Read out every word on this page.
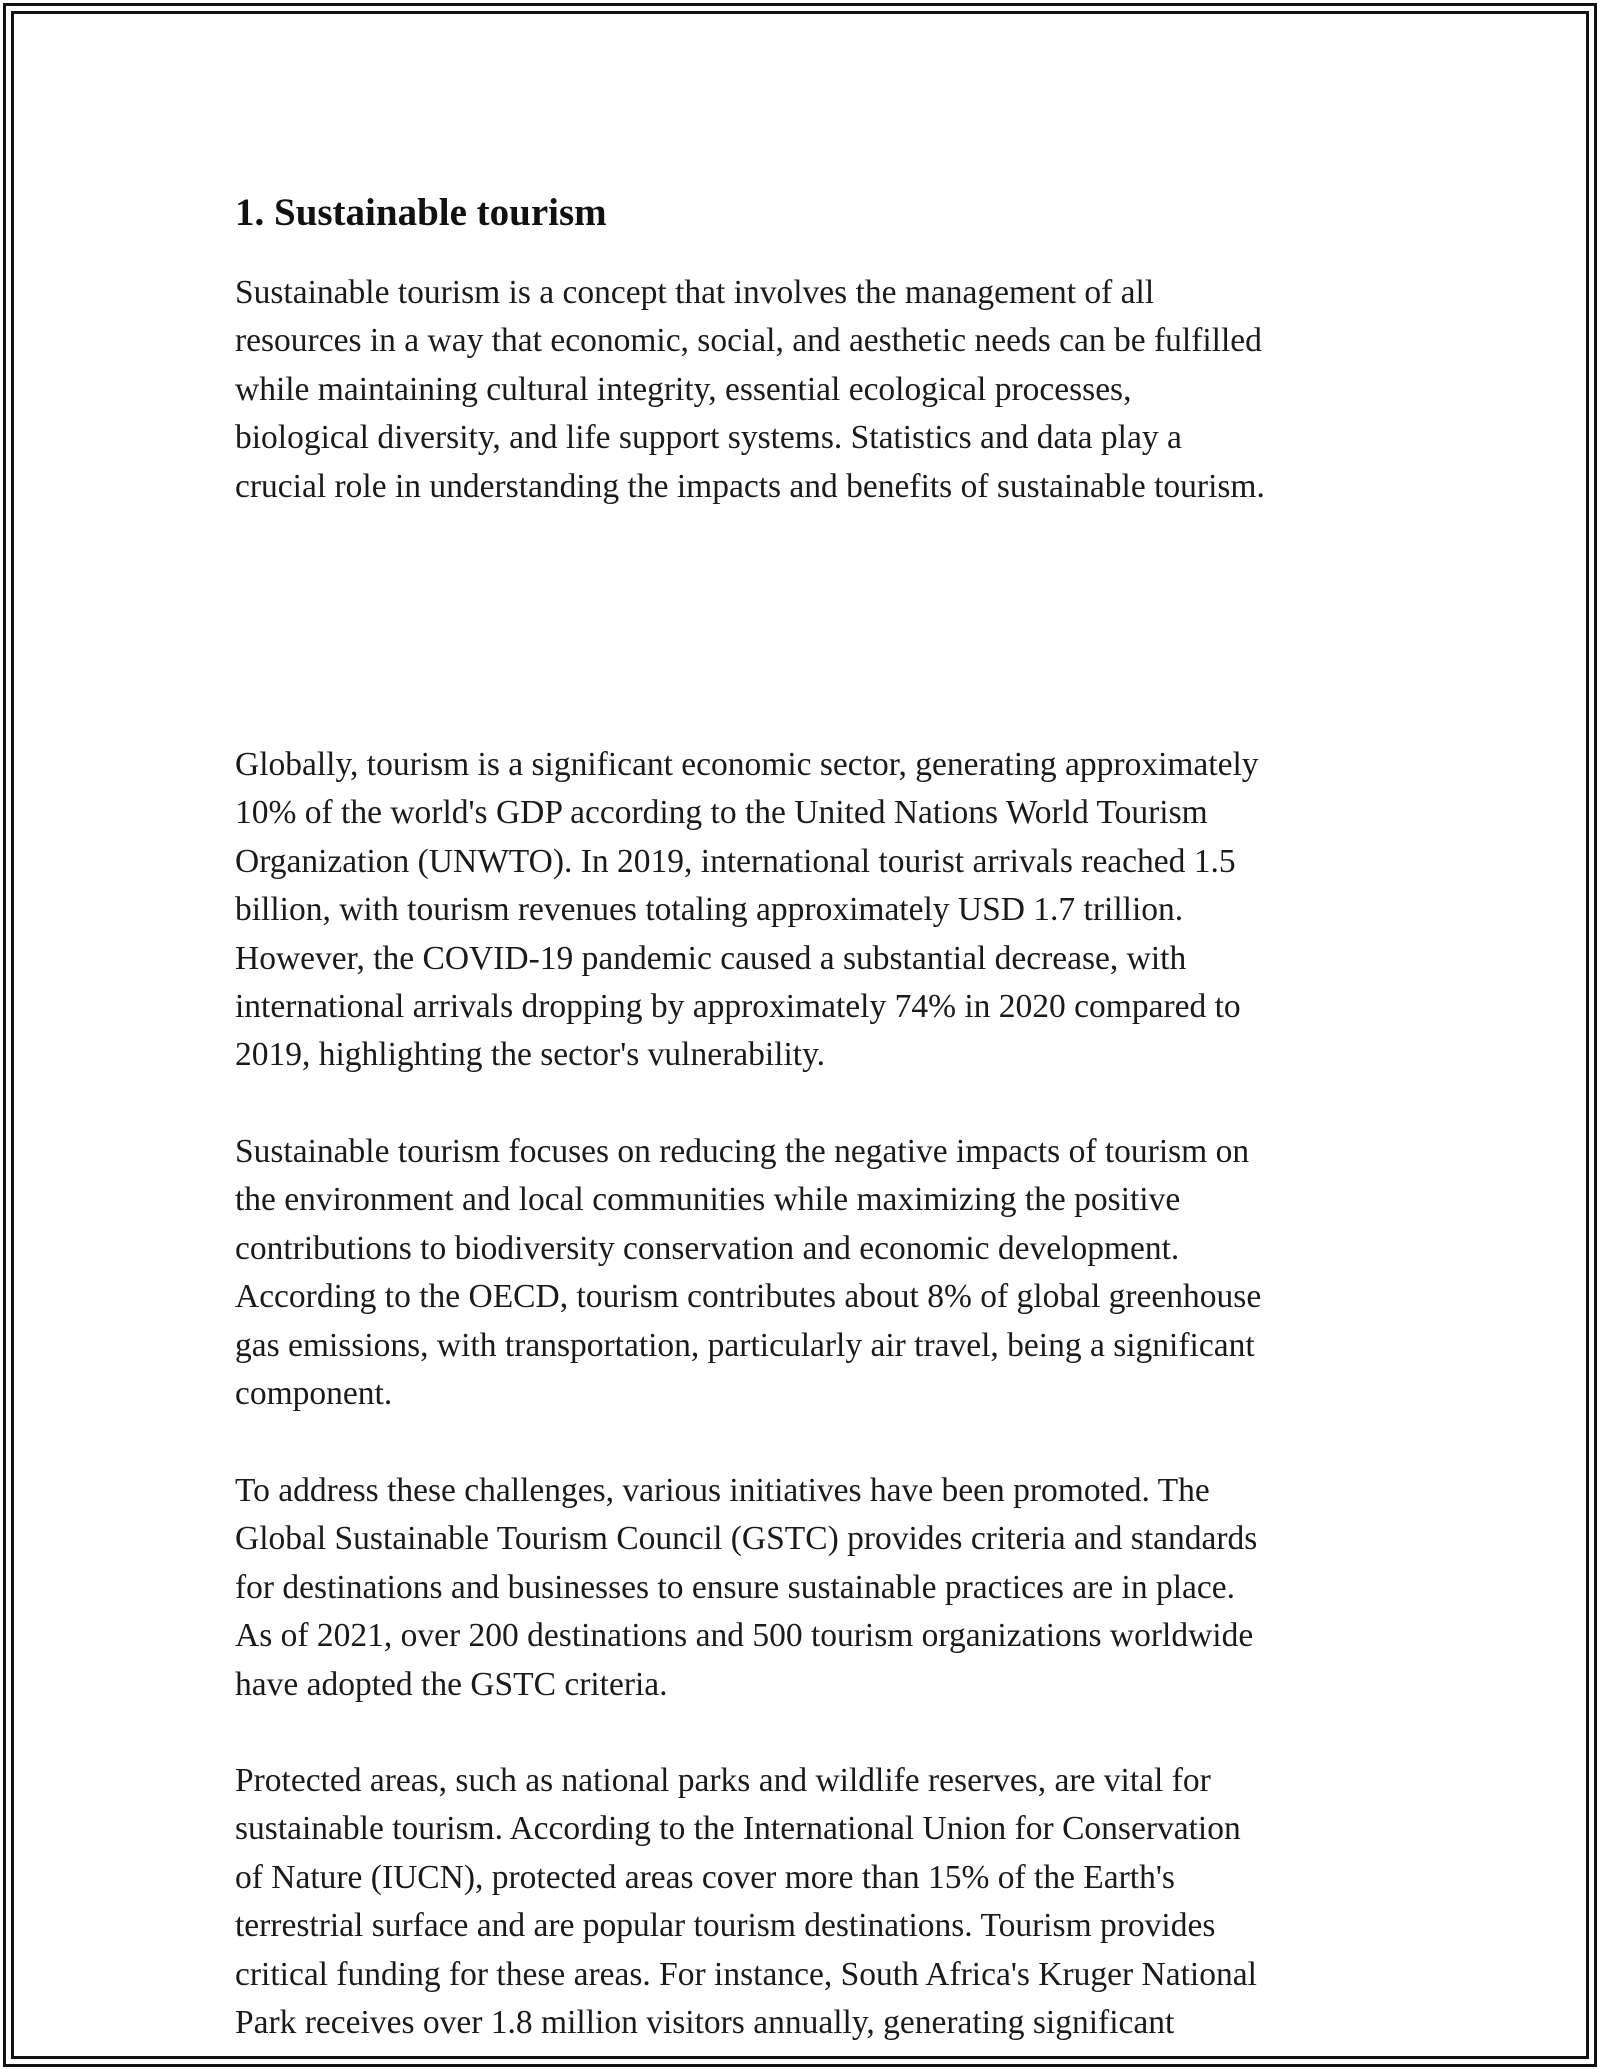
1. Sustainable tourism

Sustainable tourism is a concept that involves the management of all
resources in a way that economic, social, and aesthetic needs can be fulfilled
while maintaining cultural integrity, essential ecological processes,
biological diversity, and life support systems. Statistics and data play a
crucial role in understanding the impacts and benefits of sustainable tourism.

Globally, tourism is a significant economic sector, generating approximately
10% of the world's GDP according to the United Nations World Tourism
Organization (UNWTO). In 2019, international tourist arrivals reached 1.5
billion, with tourism revenues totaling approximately USD 1.7 trillion.
However, the COVID-19 pandemic caused a substantial decrease, with
international arrivals dropping by approximately 74% in 2020 compared to
2019, highlighting the sector's vulnerability.

Sustainable tourism focuses on reducing the negative impacts of tourism on
the environment and local communities while maximizing the positive
contributions to biodiversity conservation and economic development.
According to the OECD, tourism contributes about 8% of global greenhouse
gas emissions, with transportation, particularly air travel, being a significant
component.

To address these challenges, various initiatives have been promoted. The
Global Sustainable Tourism Council (GSTC) provides criteria and standards
for destinations and businesses to ensure sustainable practices are in place.
As of 2021, over 200 destinations and 500 tourism organizations worldwide
have adopted the GSTC criteria.

Protected areas, such as national parks and wildlife reserves, are vital for
sustainable tourism. According to the International Union for Conservation
of Nature (IUCN), protected areas cover more than 15% of the Earth's
terrestrial surface and are popular tourism destinations. Tourism provides
critical funding for these areas. For instance, South Africa's Kruger National
Park receives over 1.8 million visitors annually, generating significant
